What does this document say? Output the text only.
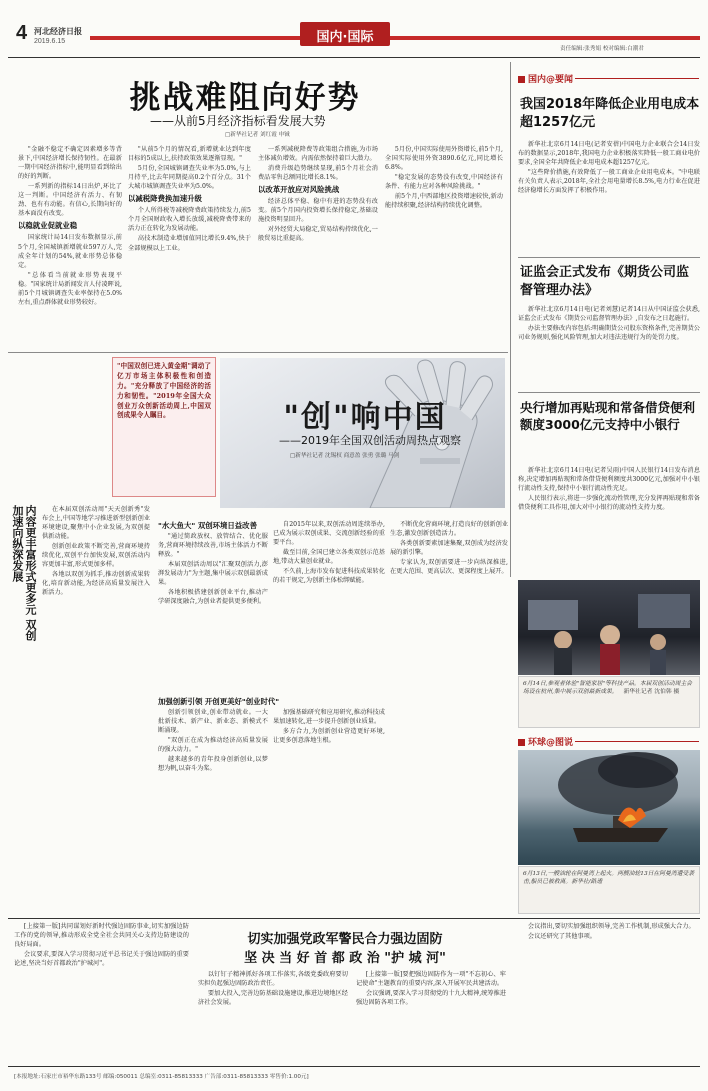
4 河北经济日报
2019.6.15	国内·国际
责任编辑:张秀娟 校对编辑:白潮君
挑战难阻向好势
——从前5月经济指标看发展大势
□新华社记者 刘红霞 申铖

"金融不稳定不确定因素增多等背景下,中国经济增长保持韧性。在最新一期中国经济指标中,能明显看到给出的好的判断。

一系列新的指标14日出炉,环比了这一判断。中国经济有活力、有韧劲、也有有动能。有信心,长期向好的基本面没有改变。

以稳就业促就业稳

国家统计局14日发布数据显示,前5个月,全国城镇新增就业597万人,完成全年计划的54%,就业形势总体稳定。

"总体看当前就业形势表现平稳。"国家统计局新闻发言人付凌晖说,前5个月城镇调查失业率保持在5.0%左右,重点群体就业形势较好。

"从前5个月的情况看,新增就业达到年度目标的5成以上,扶持政策效果逐渐显现。"

5月份,全国城镇调查失业率为5.0%,与上月持平,比去年同期提高0.2个百分点。31个大城市城镇调查失业率为5.0%。

以减税降费换加速升级

个人所得税等减税降费政策持续发力,前5个月全国财政收入增长放缓,减税降费带来的活力正在转化为发展动能。

高技术制造业增加值同比增长9.4%,快于全部规模以上工业。

一系列减税降费等政策组合措施,为市场主体减负增效。内需依然保持着巨大潜力。

消费升级趋势继续显现,前5个月社会消费品零售总额同比增长8.1%。

以改革开放应对风险挑战

经济总体平稳、稳中有进的态势没有改变。前5个月国内投资增长保持稳定,基础设施投资明显回升。

对外经贸大局稳定,贸易结构持续优化,一般贸易比重提高。

5月份,中国实际使用外资增长,前5个月,全国实际使用外资3890.6亿元,同比增长6.8%。

"稳定发展的态势没有改变,中国经济有条件、有能力应对各种风险挑战。"

前5个月,中西部地区投资增速较快,新动能持续积聚,经济结构持续优化调整。

国内@要闻
我国2018年降低企业用电成本超1257亿元

新华社北京6月14日电(记者安蓓)中国电力企业联合会14日发布的数据显示,2018年,我国电力企业积极落实降低一般工商业电价要求,全国全年共降低企业用电成本超1257亿元。

"这些降价措施,有效降低了一般工商业企业用电成本。"中电联有关负责人表示,2018年,全社会用电量增长8.5%,电力行业在促进经济稳增长方面发挥了积极作用。

证监会正式发布《期货公司监督管理办法》

新华社北京6月14日电(记者刘慧)记者14日从中国证监会获悉,证监会正式发布《期货公司监督管理办法》,自发布之日起施行。

办法主要修改内容包括:明确期货公司股东资格条件,完善期货公司业务规则,强化风险管理,加大对违法违规行为的处罚力度。

央行增加再贴现和常备借贷便利额度3000亿元支持中小银行

新华社北京6月14日电(记者吴雨)中国人民银行14日发布消息称,决定增加再贴现和常备借贷便利额度共3000亿元,加强对中小银行流动性支持,保持中小银行流动性充足。

人民银行表示,将进一步强化流动性管理,充分发挥再贴现和常备借贷便利工具作用,加大对中小银行的流动性支持力度。

"中国双创已进入黄金期"调动了亿万市场主体积极性和创造力。"充分释放了中国经济的活力和韧性。"2019年全国大众创业万众创新活动周上,中国双创成果令人瞩目。	"创"响中国
——2019年全国双创活动周热点观察
□新华社记者 沈锡权 商意盈 张勇 张璐 马剑
内容更丰富形式更多元 双创加速向纵深发展	在本届双创活动周"天天创新秀"发布会上,中国等地学习推进新型创新创业环境建设,聚焦中小企业发展,为双创提供新动能。

创新创业政策不断完善,营商环境持续优化,双创平台加快发展,双创活动内容更加丰富,形式更加多样。

各地以双创为抓手,推动创新成果转化,培育新动能,为经济高质量发展注入新活力。

"水大鱼大" 双创环境日益改善

"通过简政放权、放管结合、优化服务,营商环境持续改善,市场主体活力不断释放。"

本届双创活动周以"汇聚双创活力,澎湃发展动力"为主题,集中展示双创最新成果。

各地积极搭建创新创业平台,推动产学研深度融合,为创业者提供更多便利。

自2015年以来,双创活动周连续举办,已成为展示双创成果、交流创新经验的重要平台。

截至目前,全国已建立各类双创示范基地,带动大量创业就业。

不久前,上海市发布促进科技成果转化的若干规定,为创新主体松绑赋能。

不断优化营商环境,打造良好的创新创业生态,激发创新创造活力。

各类创新要素加速集聚,双创成为经济发展的新引擎。

专家认为,双创需要进一步向纵深推进,在更大范围、更高层次、更深程度上展开。

加强创新引领 开创更美好"创业时代"

创新引领创业,创业带动就业。一大批新技术、新产业、新业态、新模式不断涌现。

"双创正在成为推动经济高质量发展的强大动力。"

越来越多的青年投身创新创业,以梦想为帆,以奋斗为桨。

加强基础研究和应用研究,推动科技成果加速转化,进一步提升创新创业质量。

多方合力,为创新创业营造更好环境,让更多创意落地生根。

6月14日,参观者体验"智能家居"等科技产品。本届双创活动周主会场设在杭州,集中展示双创最新成果。 新华社记者 沈伯韩 摄
环球@图说
6月13日,一艘油轮在阿曼湾上起火。两艘油轮13日在阿曼湾遭受袭击,船员已被救离。新华社/路透
切实加强党政军警民合力强边固防
坚 决 当 好 首 都 政 治 "护 城 河"

[上接第一版]共同谋划好新时代强边固防事业,切实加强边防工作的党的领导,推动形成全党全社会共同关心支持边防建设的良好局面。

会议要求,要深入学习贯彻习近平总书记关于强边固防的重要论述,坚决当好首都政治"护城河"。

以钉钉子精神抓好各项工作落实,各级党委政府要切实担负起强边固防政治责任。

要加大投入,完善边防基础设施建设,推进边境地区经济社会发展。

[上接第一版]要把强边固防作为一项"不忘初心、牢记使命"主题教育的重要内容,深入开展军民共建活动。

会议强调,要深入学习贯彻党的十九大精神,统筹推进强边固防各项工作。

会议指出,要切实加强组织领导,完善工作机制,形成强大合力。

会议还研究了其他事项。

[本报地址:石家庄市裕华东路133号 邮编:050011 总编室:0311-85813333 广告部:0311-85813333 零售价:1.00元]
